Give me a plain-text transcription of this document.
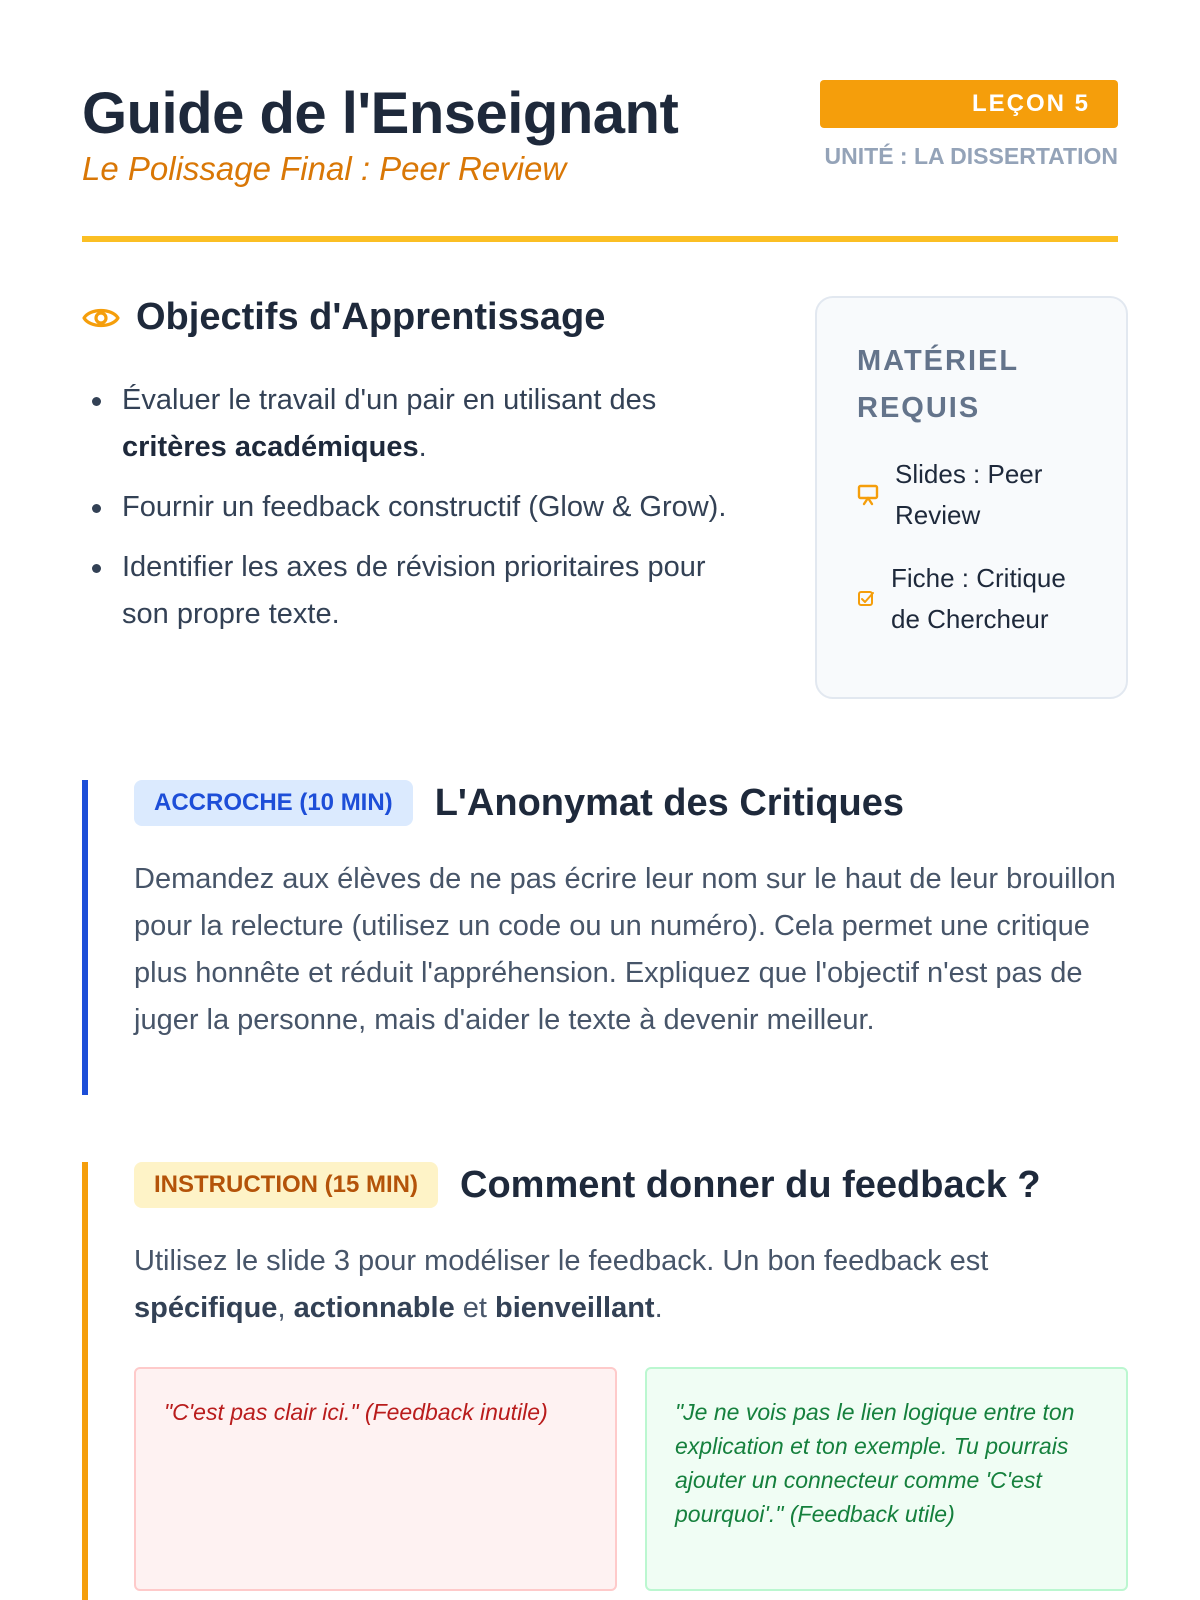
Guide de l'Enseignant
Le Polissage Final : Peer Review
LEÇON 5
UNITÉ : LA DISSERTATION
Objectifs d'Apprentissage
Évaluer le travail d'un pair en utilisant des critères académiques.
Fournir un feedback constructif (Glow & Grow).
Identifier les axes de révision prioritaires pour son propre texte.
MATÉRIEL REQUIS
Slides : Peer Review
Fiche : Critique de Chercheur
ACCROCHE (10 MIN)	L'Anonymat des Critiques

Demandez aux élèves de ne pas écrire leur nom sur le haut de leur brouillon pour la relecture (utilisez un code ou un numéro). Cela permet une critique plus honnête et réduit l'appréhension. Expliquez que l'objectif n'est pas de juger la personne, mais d'aider le texte à devenir meilleur.

INSTRUCTION (15 MIN)	Comment donner du feedback ?

Utilisez le slide 3 pour modéliser le feedback. Un bon feedback est spécifique, actionnable et bienveillant.

"C'est pas clair ici." (Feedback inutile)	"Je ne vois pas le lien logique entre ton explication et ton exemple. Tu pourrais ajouter un connecteur comme 'C'est pourquoi'." (Feedback utile)
